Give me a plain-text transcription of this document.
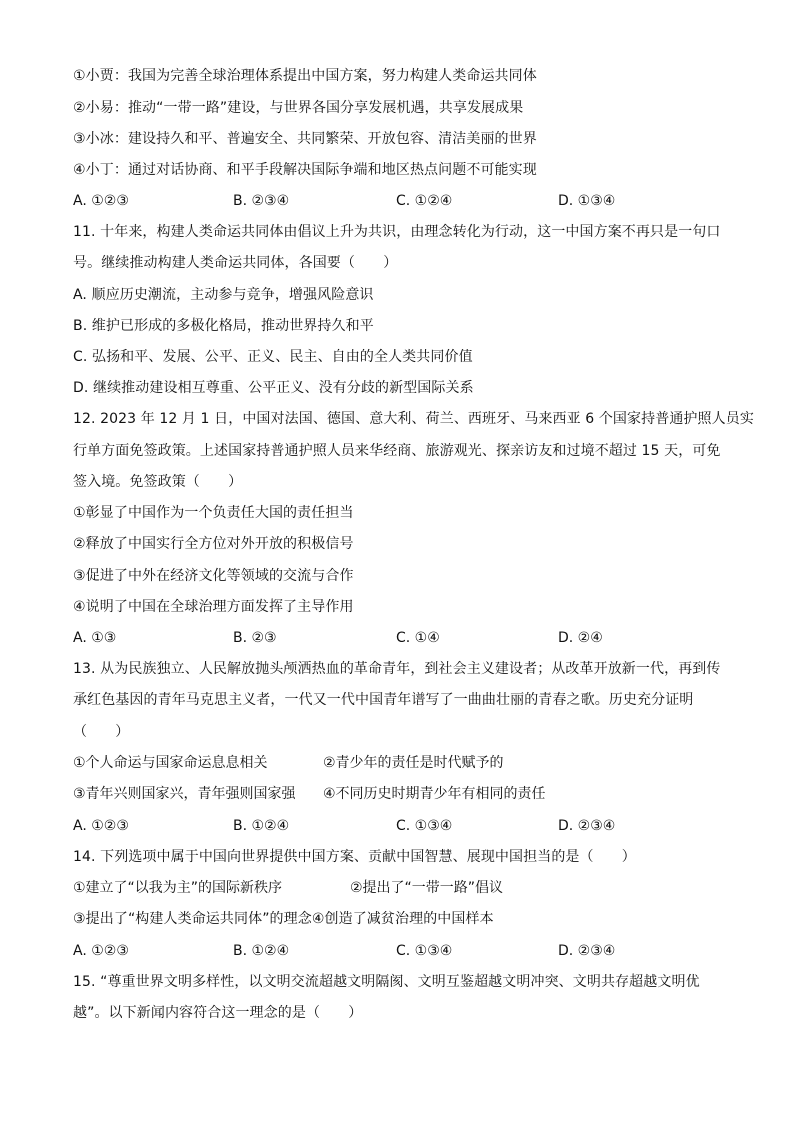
①小贾：我国为完善全球治理体系提出中国方案，努力构建人类命运共同体
②小易：推动“一带一路”建设，与世界各国分享发展机遇，共享发展成果
③小冰：建设持久和平、普遍安全、共同繁荣、开放包容、清洁美丽的世界
④小丁：通过对话协商、和平手段解决国际争端和地区热点问题不可能实现
A. ①②③	B. ②③④	C. ①②④	D. ①③④
11. 十年来，构建人类命运共同体由倡议上升为共识，由理念转化为行动，这一中国方案不再只是一句口
号。继续推动构建人类命运共同体，各国要（　　）
A. 顺应历史潮流，主动参与竞争，增强风险意识
B. 维护已形成的多极化格局，推动世界持久和平
C. 弘扬和平、发展、公平、正义、民主、自由的全人类共同价值
D. 继续推动建设相互尊重、公平正义、没有分歧的新型国际关系
12. 2023 年 12 月 1 日，中国对法国、德国、意大利、荷兰、西班牙、马来西亚 6 个国家持普通护照人员实
行单方面免签政策。上述国家持普通护照人员来华经商、旅游观光、探亲访友和过境不超过 15 天，可免
签入境。免签政策（　　）
①彰显了中国作为一个负责任大国的责任担当
②释放了中国实行全方位对外开放的积极信号
③促进了中外在经济文化等领域的交流与合作
④说明了中国在全球治理方面发挥了主导作用
A. ①③	B. ②③	C. ①④	D. ②④
13. 从为民族独立、人民解放抛头颅洒热血的革命青年，到社会主义建设者；从改革开放新一代，再到传
承红色基因的青年马克思主义者，一代又一代中国青年谱写了一曲曲壮丽的青春之歌。历史充分证明
（　　）
①个人命运与国家命运息息相关	②青少年的责任是时代赋予的
③青年兴则国家兴，青年强则国家强 ④不同历史时期青少年有相同的责任
A. ①②③	B. ①②④	C. ①③④	D. ②③④
14. 下列选项中属于中国向世界提供中国方案、贡献中国智慧、展现中国担当的是（　　）
①建立了“以我为主”的国际新秩序	②提出了“一带一路”倡议
③提出了“构建人类命运共同体”的理念④创造了减贫治理的中国样本
A. ①②③	B. ①②④	C. ①③④	D. ②③④
15. “尊重世界文明多样性，以文明交流超越文明隔阂、文明互鉴超越文明冲突、文明共存超越文明优
越”。以下新闻内容符合这一理念的是（　　）
